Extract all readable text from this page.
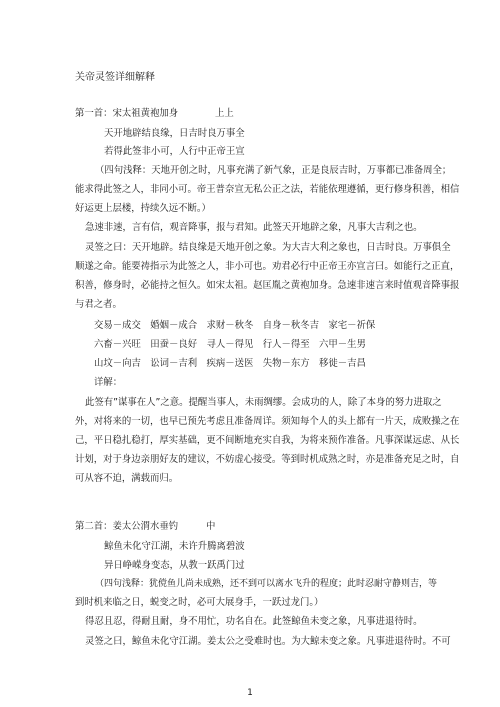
关帝灵签详细解释
第一首：宋太祖黄袍加身	上上
天开地辟结良缘，日吉时良万事全
若得此签非小可，人行中正帝王宣
（四句浅释：天地开创之时，凡事充满了新气象，正是良辰吉时，万事都已准备周全；
能求得此签之人，非同小可。帝王普奈宣无私公正之法，若能依理遵循，更行修身积善，相信
好运更上层楼，持续久远不断。）
急速非速，言有信，观音降事，报与君知。此签天开地辟之象，凡事大吉利之也。
灵签之曰：天开地辟。结良缘是天地开创之象。为大吉大利之象也，日吉时良。万事俱全
顺遂之命。能要祷指示为此签之人，非小可也。劝君必行中正帝王亦宣言曰。如能行之正直，
积善，修身时，必能持之恒久。如宋太祖。赵匡胤之黄袍加身。急速非速言来时值观音降事报
与君之者。
交易－成交　婚姻－成合　求财－秋冬　自身－秋冬吉　家宅－祈保
六畜－兴旺　田蚕－良好　寻人－得见　行人－得至　六甲－生男
山坟－向吉　讼词－吉利　疾病－送医　失物－东方　移徙－吉昌
详解：
此签有”谋事在人”之意。提醒当事人，未雨绸缪。会成功的人，除了本身的努力进取之
外，对将来的一切，也早已预先考虑且准备周详。须知每个人的头上都有一片天，成败操之在
己，平日稳扎稳打，厚实基础，更不间断地充实自我，为将来预作准备。凡事深谋远虑、从长
计划，对于身边亲朋好友的建议，不妨虚心接受。等到时机成熟之时，亦是准备充足之时，自
可从容不迫，满载而归。
第二首：姜太公渭水垂钓	中
鲸鱼未化守江湖，未许升腾离碧波
异日峥嵘身变态，从教一跃禹门过
（四句浅释：犹傥鱼儿尚未成熟，还不到可以离水飞升的程度；此时忍耐守静则吉，等
到时机来临之日，蜕变之时，必可大展身手，一跃过龙门。）
得忍且忍，得耐且耐，身不用忙，功名自在。此签鲸鱼未变之象，凡事进退待时。
灵签之曰，鲸鱼未化守江湖。姜太公之受难时也。为大鲸未变之象。凡事进退待时。不可
1
